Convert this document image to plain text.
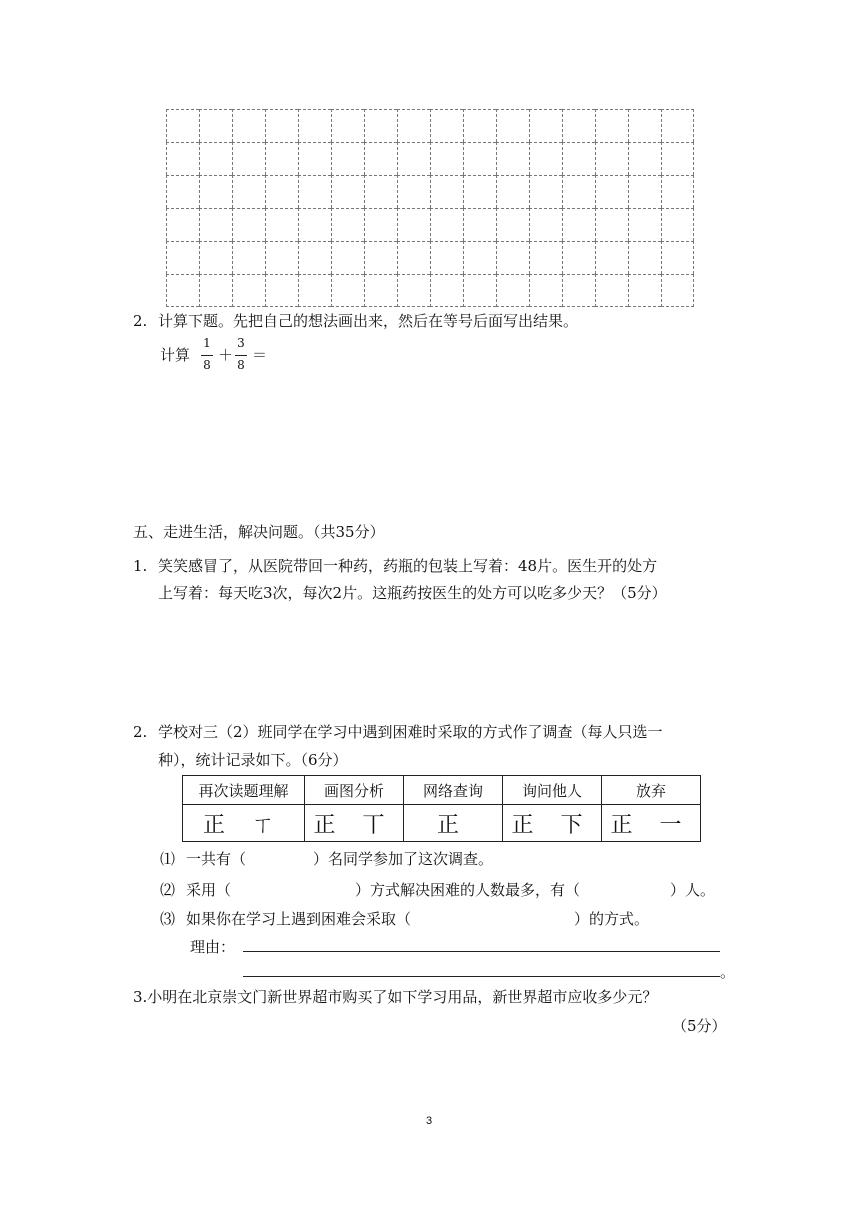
2. 计算下题。先把自己的想法画出来，然后在等号后面写出结果。
计算
1
8
＋
3
8
＝
五、走进生活，解决问题。（共35分）
1. 笑笑感冒了，从医院带回一种药，药瓶的包装上写着：48片。医生开的处方
上写着：每天吃3次，每次2片。这瓶药按医生的处方可以吃多少天？（5分）
2. 学校对三（2）班同学在学习中遇到困难时采取的方式作了调查（每人只选一
种），统计记录如下。（6分）
再次读题理解	画图分析	网络查询	询问他人	放弃
正 ㄒ	正 丅	正	正 下	正 一
⑴ 一共有（	）名同学参加了这次调查。
⑵ 采用（	）方式解决困难的人数最多，有（	）人。
⑶ 如果你在学习上遇到困难会采取（	）的方式。
理由：
。
3.小明在北京崇文门新世界超市购买了如下学习用品，新世界超市应收多少元？
（5分）
3
